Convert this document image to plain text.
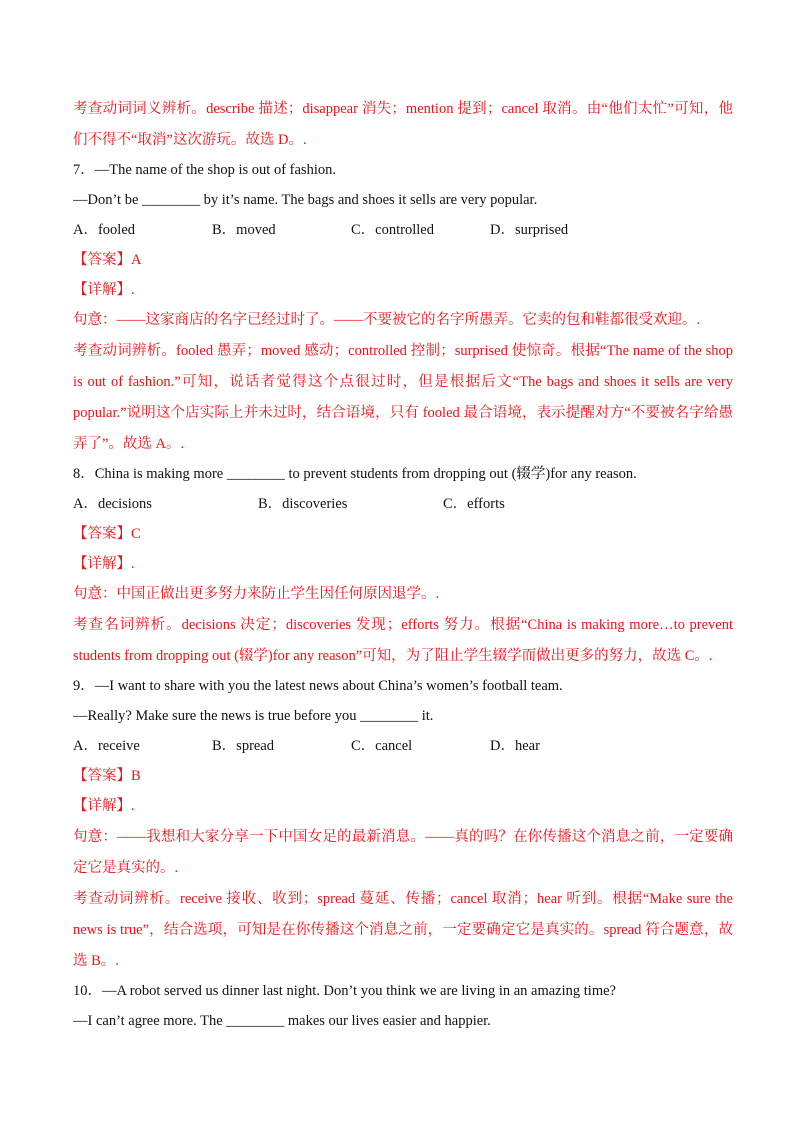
考查动词词义辨析。describe 描述；disappear 消失；mention 提到；cancel 取消。由“他们太忙”可知，他们不得不“取消”这次游玩。故选 D。.
7．—The name of the shop is out of fashion.
—Don’t be ________ by it’s name. The bags and shoes it sells are very popular.
A．fooled	B．moved	C．controlled	D．surprised
【答案】A
【详解】.
句意：——这家商店的名字已经过时了。——不要被它的名字所愚弄。它卖的包和鞋都很受欢迎。.
考查动词辨析。fooled 愚弄；moved 感动；controlled 控制；surprised 使惊奇。根据“The name of the shop is out of fashion.”可知，说话者觉得这个点很过时，但是根据后文“The bags and shoes it sells are very popular.”说明这个店实际上并未过时，结合语境，只有 fooled 最合语境，表示提醒对方“不要被名字给愚弄了”。故选 A。.
8．China is making more ________ to prevent students from dropping out (辍学)for any reason.
A．decisions	B．discoveries	C．efforts
【答案】C
【详解】.
句意：中国正做出更多努力来防止学生因任何原因退学。.
考查名词辨析。decisions 决定；discoveries 发现；efforts 努力。根据“China is making more…to prevent students from dropping out (辍学)for any reason”可知，为了阻止学生辍学而做出更多的努力，故选 C。.
9．—I want to share with you the latest news about China’s women’s football team.
—Really? Make sure the news is true before you ________ it.
A．receive	B．spread	C．cancel	D．hear
【答案】B
【详解】.
句意：——我想和大家分享一下中国女足的最新消息。——真的吗？在你传播这个消息之前，一定要确定它是真实的。.
考查动词辨析。receive 接收、收到；spread 蔓延、传播；cancel 取消；hear 听到。根据“Make sure the news is true”，结合选项，可知是在你传播这个消息之前，一定要确定它是真实的。spread 符合题意，故选 B。.
10．—A robot served us dinner last night. Don’t you think we are living in an amazing time?
—I can’t agree more. The ________ makes our lives easier and happier.
